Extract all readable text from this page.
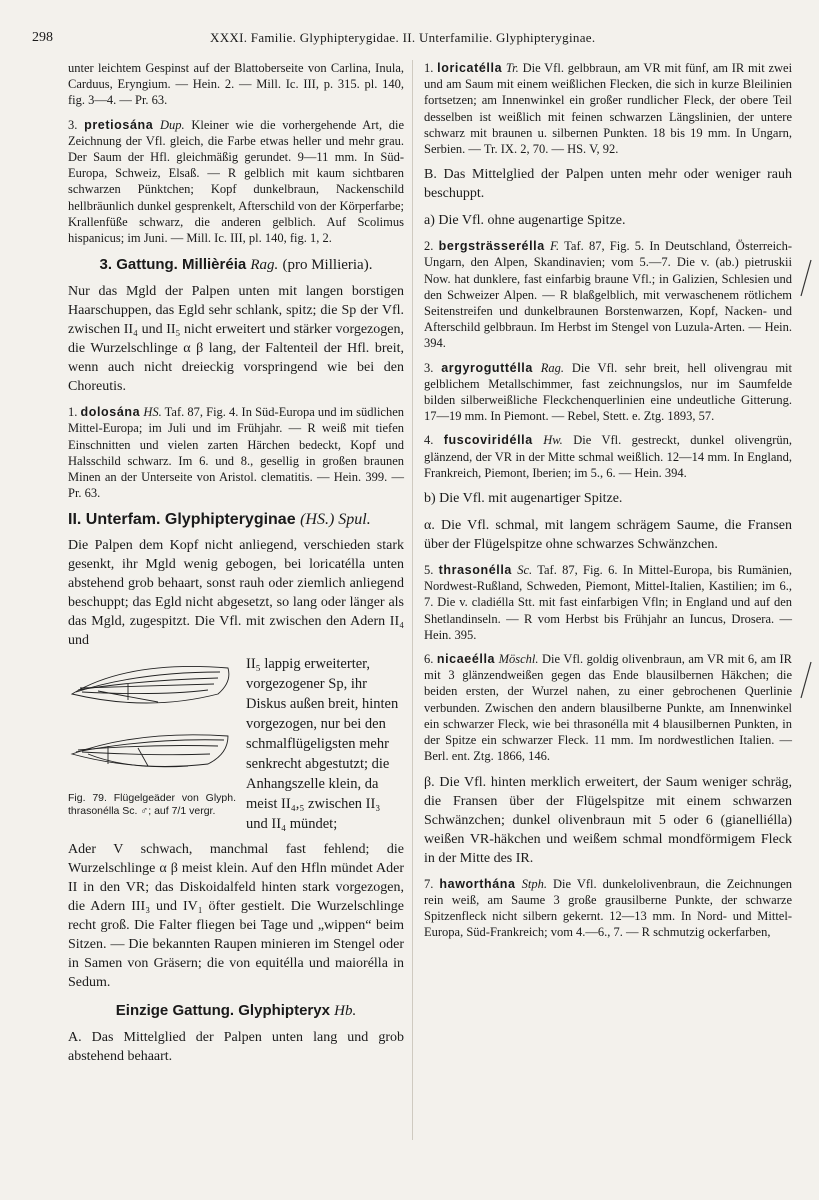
298	XXXI. Familie. Glyphipterygidae. II. Unterfamilie. Glyphipteryginae.

unter leichtem Gespinst auf der Blattoberseite von Carlina, Inula, Carduus, Eryngium. — Hein. 2. — Mill. Ic. III, p. 315. pl. 140, fig. 3—4. — Pr. 63.

3. pretiosána Dup. Kleiner wie die vorhergehende Art, die Zeichnung der Vfl. gleich, die Farbe etwas heller und mehr grau. Der Saum der Hfl. gleichmäßig gerundet. 9—11 mm. In Süd-Europa, Schweiz, Elsaß. — R gelblich mit kaum sichtbaren schwarzen Pünktchen; Kopf dunkelbraun, Nackenschild hellbräunlich dunkel gesprenkelt, Afterschild von der Körperfarbe; Krallenfüße schwarz, die anderen gelblich. Auf Scolimus hispanicus; im Juni. — Mill. Ic. III, pl. 140, fig. 1, 2.

3. Gattung. Millièréia Rag. (pro Millieria).

Nur das Mgld der Palpen unten mit langen borstigen Haarschuppen, das Egld sehr schlank, spitz; die Sp der Vfl. zwischen II₄ und II₅ nicht erweitert und stärker vorgezogen, die Wurzelschlinge α β lang, der Faltenteil der Hfl. breit, wenn auch nicht dreieckig vorspringend wie bei den Choreutis.

1. dolosána HS. Taf. 87, Fig. 4. In Süd-Europa und im südlichen Mittel-Europa; im Juli und im Frühjahr. — R weiß mit tiefen Einschnitten und vielen zarten Härchen bedeckt, Kopf und Halsschild schwarz. Im 6. und 8., gesellig in großen braunen Minen an der Unterseite von Aristol. clematitis. — Hein. 399. — Pr. 63.

II. Unterfam. Glyphipteryginae (HS.) Spul.

Die Palpen dem Kopf nicht anliegend, verschieden stark gesenkt, ihr Mgld wenig gebogen, bei loricatélla unten abstehend grob behaart, sonst rauh oder ziemlich anliegend beschuppt; das Egld nicht abgesetzt, so lang oder länger als das Mgld, zugespitzt. Die Vfl. mit zwischen den Adern II₄ und

Fig. 79. Flügelgeäder von Glyph. thrasonélla Sc. ♂; auf 7/1 vergr.
II₅ lappig erweiterter, vorgezogener Sp, ihr Diskus außen breit, hinten vorgezogen, nur bei den schmalflügeligsten mehr senkrecht abgestutzt; die Anhangszelle klein, da meist II₄,₅ zwischen II₃ und II₄ mündet;

Ader V schwach, manchmal fast fehlend; die Wurzelschlinge α β meist klein. Auf den Hfln mündet Ader II in den VR; das Diskoidalfeld hinten stark vorgezogen, die Adern III₃ und IV₁ öfter gestielt. Die Wurzelschlinge recht groß. Die Falter fliegen bei Tage und „wippen“ beim Sitzen. — Die bekannten Raupen minieren im Stengel oder in Samen von Gräsern; die von equitélla und maiorélla in Sedum.

Einzige Gattung. Glyphipteryx Hb.

A. Das Mittelglied der Palpen unten lang und grob abstehend behaart.

1. loricatélla Tr. Die Vfl. gelbbraun, am VR mit fünf, am IR mit zwei und am Saum mit einem weißlichen Flecken, die sich in kurze Bleilinien fortsetzen; am Innenwinkel ein großer rundlicher Fleck, der obere Teil desselben ist weißlich mit feinen schwarzen Längslinien, der untere schwarz mit braunen u. silbernen Punkten. 18 bis 19 mm. In Ungarn, Serbien. — Tr. IX. 2, 70. — HS. V, 92.

B. Das Mittelglied der Palpen unten mehr oder weniger rauh beschuppt.

a) Die Vfl. ohne augenartige Spitze.

2. bergsträsserélla F. Taf. 87, Fig. 5. In Deutschland, Österreich-Ungarn, den Alpen, Skandinavien; vom 5.—7. Die v. (ab.) pietruskii Now. hat dunklere, fast einfarbig braune Vfl.; in Galizien, Schlesien und den Schweizer Alpen. — R blaßgelblich, mit verwaschenem rötlichem Seitenstreifen und dunkelbraunen Borstenwarzen, Kopf, Nacken- und Afterschild gelbbraun. Im Herbst im Stengel von Luzula-Arten. — Hein. 394.

3. argyroguttélla Rag. Die Vfl. sehr breit, hell olivengrau mit gelblichem Metallschimmer, fast zeichnungslos, nur im Saumfelde bilden silberweißliche Fleckchenquerlinien eine undeutliche Gitterung. 17—19 mm. In Piemont. — Rebel, Stett. e. Ztg. 1893, 57.

4. fuscoviridélla Hw. Die Vfl. gestreckt, dunkel olivengrün, glänzend, der VR in der Mitte schmal weißlich. 12—14 mm. In England, Frankreich, Piemont, Iberien; im 5., 6. — Hein. 394.

b) Die Vfl. mit augenartiger Spitze.

α. Die Vfl. schmal, mit langem schrägem Saume, die Fransen über der Flügelspitze ohne schwarzes Schwänzchen.

5. thrasonélla Sc. Taf. 87, Fig. 6. In Mittel-Europa, bis Rumänien, Nordwest-Rußland, Schweden, Piemont, Mittel-Italien, Kastilien; im 6., 7. Die v. cladiélla Stt. mit fast einfarbigen Vfln; in England und auf den Shetlandinseln. — R vom Herbst bis Frühjahr an Iuncus, Drosera. — Hein. 395.

6. nicaeélla Möschl. Die Vfl. goldig olivenbraun, am VR mit 6, am IR mit 3 glänzendweißen gegen das Ende blausilbernen Häkchen; die beiden ersten, der Wurzel nahen, zu einer gebrochenen Querlinie verbunden. Zwischen den andern blausilberne Punkte, am Innenwinkel ein schwarzer Fleck, wie bei thrasonélla mit 4 blausilbernen Punkten, in der Spitze ein schwarzer Fleck. 11 mm. Im nordwestlichen Italien. — Berl. ent. Ztg. 1866, 146.

β. Die Vfl. hinten merklich erweitert, der Saum weniger schräg, die Fransen über der Flügelspitze mit einem schwarzen Schwänzchen; dunkel olivenbraun mit 5 oder 6 (gianelliélla) weißen VR-häkchen und weißem schmal mondförmigem Fleck in der Mitte des IR.

7. haworthána Stph. Die Vfl. dunkelolivenbraun, die Zeichnungen rein weiß, am Saume 3 große grausilberne Punkte, der schwarze Spitzenfleck nicht silbern gekernt. 12—13 mm. In Nord- und Mittel-Europa, Süd-Frankreich; vom 4.—6., 7. — R schmutzig ockerfarben,
